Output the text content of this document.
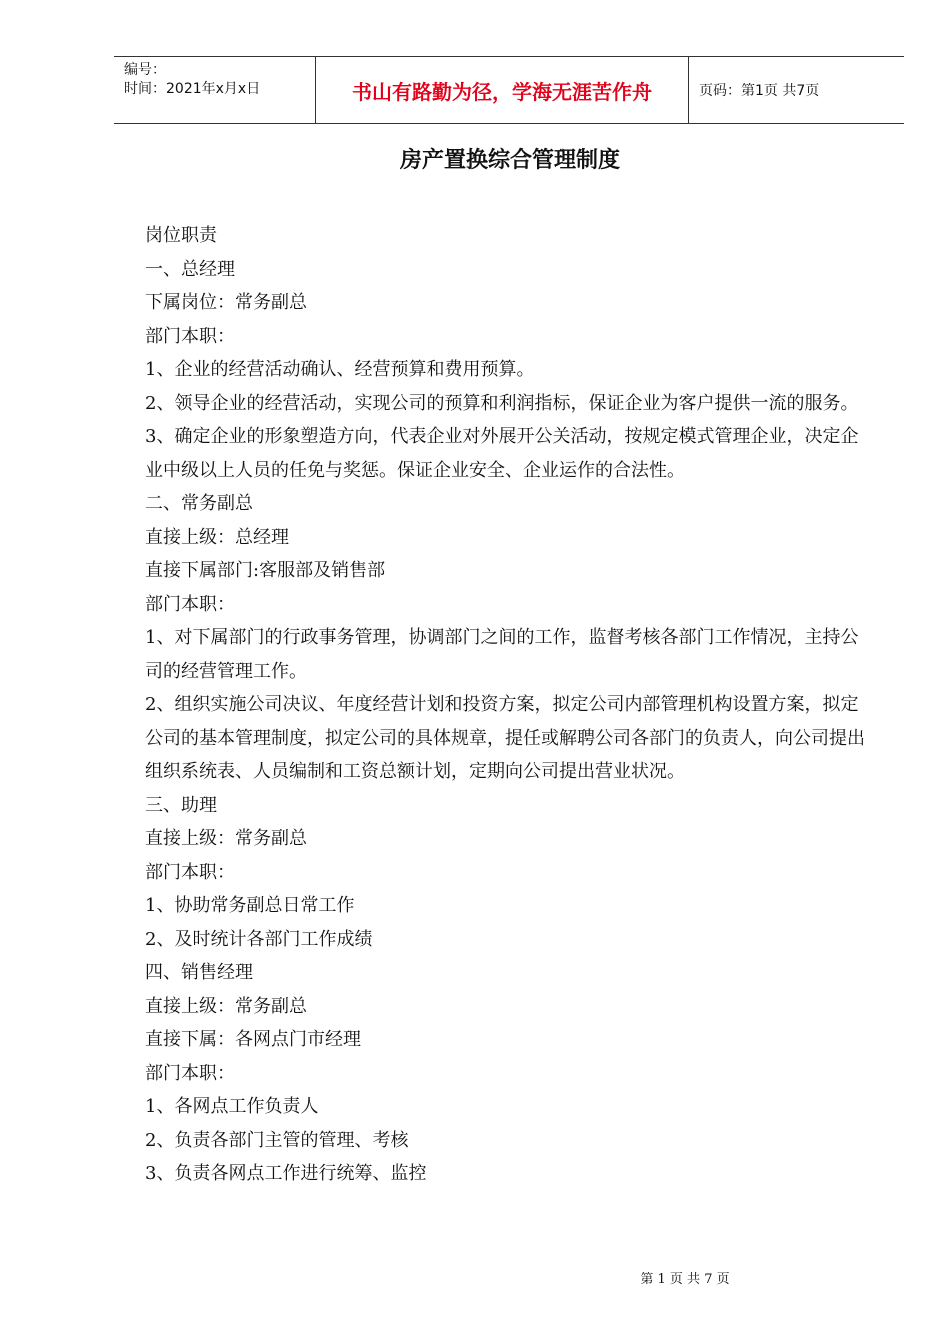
编号：
时间：2021年x月x日	书山有路勤为径，学海无涯苦作舟	页码：第1页 共7页
房产置换综合管理制度

岗位职责

一、总经理

下属岗位：常务副总

部门本职：

1、企业的经营活动确认、经营预算和费用预算。

2、领导企业的经营活动，实现公司的预算和利润指标，保证企业为客户提供一流的服务。

3、确定企业的形象塑造方向，代表企业对外展开公关活动，按规定模式管理企业，决定企业中级以上人员的任免与奖惩。保证企业安全、企业运作的合法性。

二、常务副总

直接上级：总经理

直接下属部门:客服部及销售部

部门本职：

1、对下属部门的行政事务管理，协调部门之间的工作，监督考核各部门工作情况，主持公司的经营管理工作。

2、组织实施公司决议、年度经营计划和投资方案，拟定公司内部管理机构设置方案，拟定公司的基本管理制度，拟定公司的具体规章，提任或解聘公司各部门的负责人，向公司提出组织系统表、人员编制和工资总额计划，定期向公司提出营业状况。

三、助理

直接上级：常务副总

部门本职：

1、协助常务副总日常工作

2、及时统计各部门工作成绩

四、销售经理

直接上级：常务副总

直接下属：各网点门市经理

部门本职：

1、各网点工作负责人

2、负责各部门主管的管理、考核

3、负责各网点工作进行统筹、监控

第 1 页 共 7 页
